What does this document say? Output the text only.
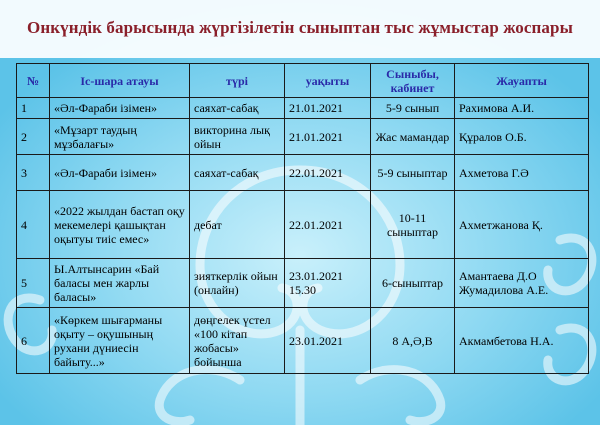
Онкүндік барысында жүргізілетін сыныптан тыс жұмыстар жоспары
№	Іс-шара атауы	түрі	уақыты	Сыныбы, кабинет	Жауапты
1	«Әл-Фараби ізімен»	саяхат-сабақ	21.01.2021	5-9 сынып	Рахимова А.И.
2	«Мұзарт таудың мұзбалағы»	викторина лық ойын	21.01.2021	Жас мамандар	Құралов О.Б.
3	«Әл-Фараби ізімен»	саяхат-сабақ	22.01.2021	5-9 сыныптар	Ахметова Г.Ә
4	«2022 жылдан бастап оқу мекемелері қашықтан оқытуы тиіс емес»	дебат	22.01.2021	10-11 сыныптар	Ахметжанова Қ.
5	Ы.Алтынсарин «Бай баласы мен жарлы баласы»	зияткерлік ойын (онлайн)	23.01.2021 15.30	6-сыныптар	Амантаева Д.О Жумадилова А.Е.
6	«Көркем шығарманы оқыту – оқушының рухани дүниесін байыту...»	дөңгелек үстел «100 кітап жобасы» бойынша	23.01.2021	8 А,Ә,В	Акмамбетова Н.А.
